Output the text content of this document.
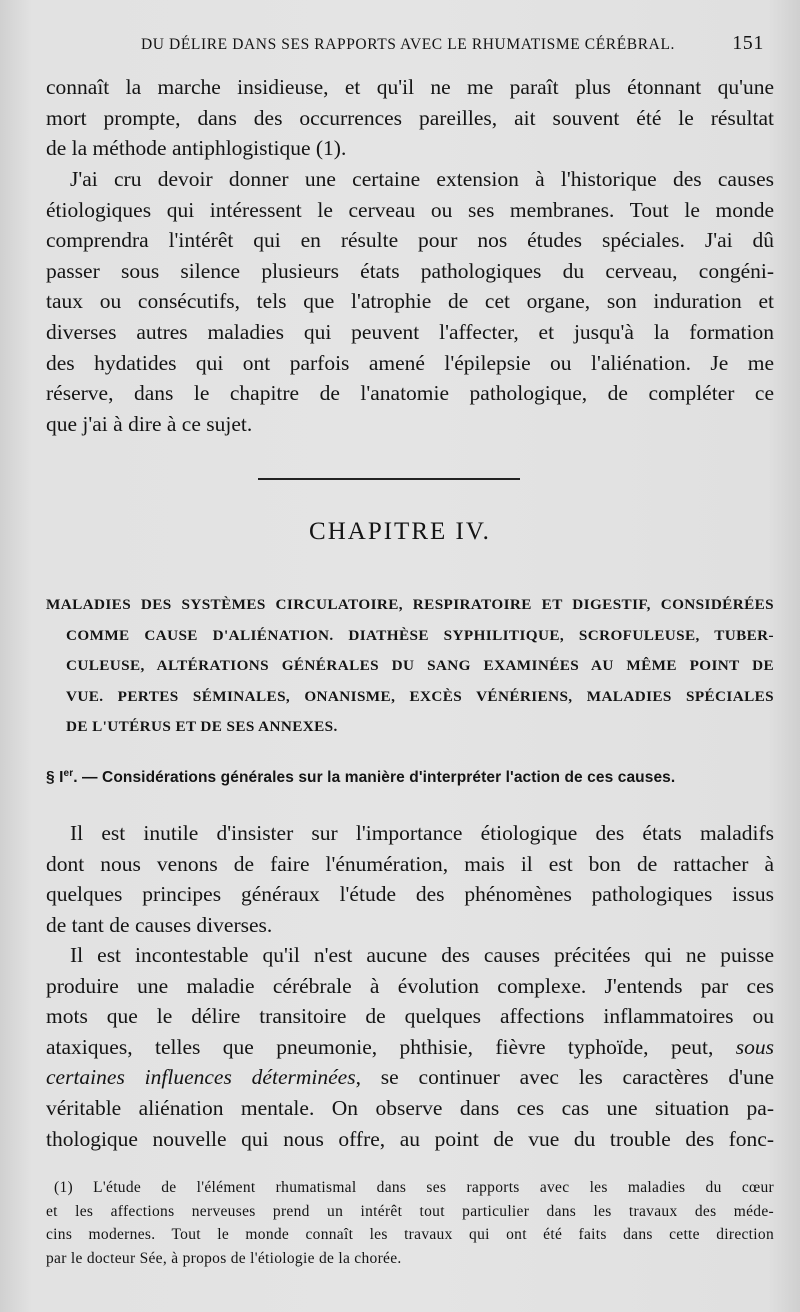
DU DÉLIRE DANS SES RAPPORTS AVEC LE RHUMATISME CÉRÉBRAL.	151

connaît la marche insidieuse, et qu'il ne me paraît plus étonnant qu'une
mort prompte, dans des occurrences pareilles, ait souvent été le résultat
de la méthode antiphlogistique (1).

J'ai cru devoir donner une certaine extension à l'historique des causes
étiologiques qui intéressent le cerveau ou ses membranes. Tout le monde
comprendra l'intérêt qui en résulte pour nos études spéciales. J'ai dû
passer sous silence plusieurs états pathologiques du cerveau, congéni-
taux ou consécutifs, tels que l'atrophie de cet organe, son induration et
diverses autres maladies qui peuvent l'affecter, et jusqu'à la formation
des hydatides qui ont parfois amené l'épilepsie ou l'aliénation. Je me
réserve, dans le chapitre de l'anatomie pathologique, de compléter ce
que j'ai à dire à ce sujet.

CHAPITRE IV.
MALADIES DES SYSTÈMES CIRCULATOIRE, RESPIRATOIRE ET DIGESTIF, CONSIDÉRÉES
COMME CAUSE D'ALIÉNATION. DIATHÈSE SYPHILITIQUE, SCROFULEUSE, TUBER-
CULEUSE, ALTÉRATIONS GÉNÉRALES DU SANG EXAMINÉES AU MÊME POINT DE
VUE. PERTES SÉMINALES, ONANISME, EXCÈS VÉNÉRIENS, MALADIES SPÉCIALES
DE L'UTÉRUS ET DE SES ANNEXES.
§ Ier. — Considérations générales sur la manière d'interpréter l'action de ces causes.

Il est inutile d'insister sur l'importance étiologique des états maladifs
dont nous venons de faire l'énumération, mais il est bon de rattacher à
quelques principes généraux l'étude des phénomènes pathologiques issus
de tant de causes diverses.

Il est incontestable qu'il n'est aucune des causes précitées qui ne puisse
produire une maladie cérébrale à évolution complexe. J'entends par ces
mots que le délire transitoire de quelques affections inflammatoires ou
ataxiques, telles que pneumonie, phthisie, fièvre typhoïde, peut, sous
certaines influences déterminées, se continuer avec les caractères d'une
véritable aliénation mentale. On observe dans ces cas une situation pa-
thologique nouvelle qui nous offre, au point de vue du trouble des fonc-

(1) L'étude de l'élément rhumatismal dans ses rapports avec les maladies du cœur
et les affections nerveuses prend un intérêt tout particulier dans les travaux des méde-
cins modernes. Tout le monde connaît les travaux qui ont été faits dans cette direction
par le docteur Sée, à propos de l'étiologie de la chorée.
